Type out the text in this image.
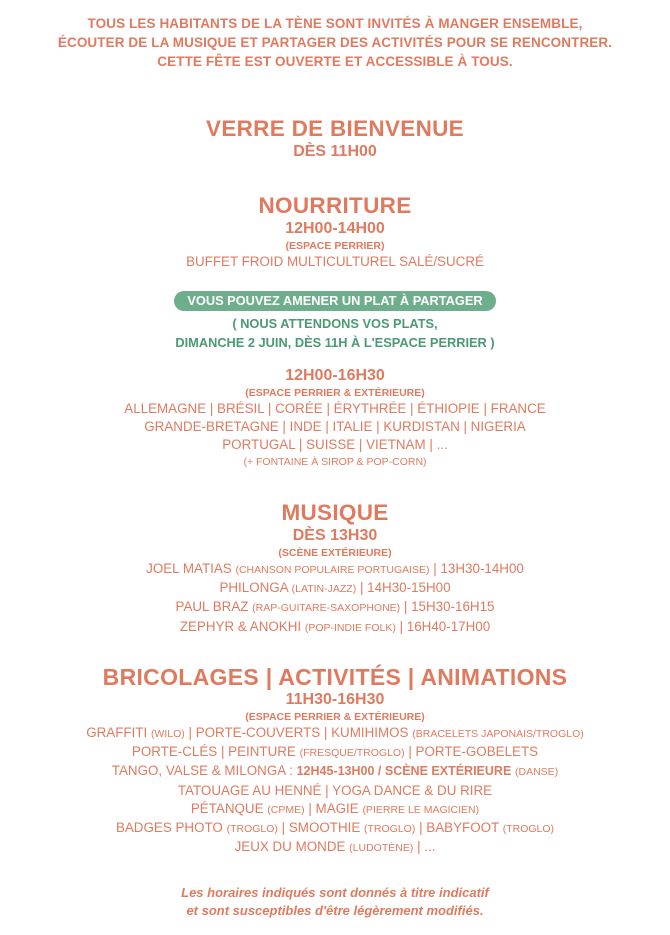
TOUS LES HABITANTS DE LA TÈNE SONT INVITÉS À MANGER ENSEMBLE,
ÉCOUTER DE LA MUSIQUE ET PARTAGER DES ACTIVITÉS POUR SE RENCONTRER.
CETTE FÊTE EST OUVERTE ET ACCESSIBLE À TOUS.
VERRE DE BIENVENUE
DÈS 11H00
NOURRITURE
12H00-14H00
(ESPACE PERRIER)
BUFFET FROID MULTICULTUREL SALÉ/SUCRÉ
VOUS POUVEZ AMENER UN PLAT À PARTAGER
( NOUS ATTENDONS VOS PLATS,
DIMANCHE 2 JUIN, DÈS 11H À L'ESPACE PERRIER )
12H00-16H30
(ESPACE PERRIER & EXTÉRIEURE)
ALLEMAGNE | BRÉSIL | CORÉE | ÉRYTHRÉE | ÉTHIOPIE | FRANCE
GRANDE-BRETAGNE | INDE | ITALIE | KURDISTAN | NIGERIA
PORTUGAL | SUISSE | VIETNAM | ...
(+ FONTAINE À SIROP & POP-CORN)
MUSIQUE
DÈS 13H30
(SCÈNE EXTÉRIEURE)
JOEL MATIAS (CHANSON POPULAIRE PORTUGAISE) | 13H30-14H00
PHILONGA (LATIN-JAZZ) | 14H30-15H00
PAUL BRAZ (RAP-GUITARE-SAXOPHONE) | 15H30-16H15
ZEPHYR & ANOKHI (POP-INDIE FOLK) | 16H40-17H00
BRICOLAGES | ACTIVITÉS | ANIMATIONS
11H30-16H30
(ESPACE PERRIER & EXTÉRIEURE)
GRAFFITI (WILO) | PORTE-COUVERTS | KUMIHIMOS (BRACELETS JAPONAIS/TROGLO)
PORTE-CLÉS | PEINTURE (FRESQUE/TROGLO) | PORTE-GOBELETS
TANGO, VALSE & MILONGA : 12H45-13H00 / SCÈNE EXTÉRIEURE (DANSE)
TATOUAGE AU HENNÉ | YOGA DANCE & DU RIRE
PÉTANQUE (CPME) | MAGIE (PIERRE LE MAGICIEN)
BADGES PHOTO (TROGLO) | SMOOTHIE (TROGLO) | BABYFOOT (TROGLO)
JEUX DU MONDE (LUDOTÈNE) | ...
Les horaires indiqués sont donnés à titre indicatif
et sont susceptibles d'être légèrement modifiés.
